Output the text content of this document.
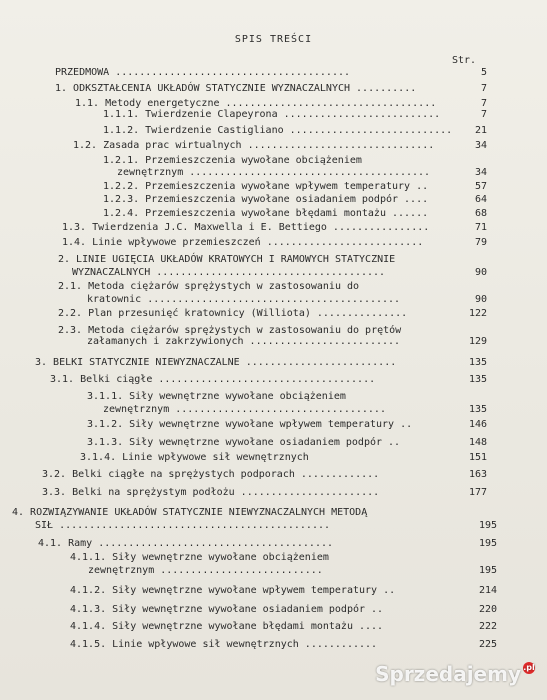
SPIS TREŚCI
Str.
PRZEDMOWA .......................................	5
1. ODKSZTAŁCENIA UKŁADÓW STATYCZNIE WYZNACZALNYCH ..........	7
1.1. Metody energetyczne ...................................	7
1.1.1. Twierdzenie Clapeyrona ..........................	7
1.1.2. Twierdzenie Castigliano ...........................	21
1.2. Zasada prac wirtualnych ...............................	34
1.2.1. Przemieszczenia wywołane obciążeniem
zewnętrznym ........................................	34
1.2.2. Przemieszczenia wywołane wpływem temperatury ..	57
1.2.3. Przemieszczenia wywołane osiadaniem podpór ....	64
1.2.4. Przemieszczenia wywołane błędami montażu ......	68
1.3. Twierdzenia J.C. Maxwella i E. Bettiego ................	71
1.4. Linie wpływowe przemieszczeń ..........................	79
2. LINIE UGIĘCIA UKŁADÓW KRATOWYCH I RAMOWYCH STATYCZNIE
WYZNACZALNYCH ......................................	90
2.1. Metoda ciężarów sprężystych w zastosowaniu do
kratownic ..........................................	90
2.2. Plan przesunięć kratownicy (Williota) ...............	122
2.3. Metoda ciężarów sprężystych w zastosowaniu do prętów
załamanych i zakrzywionych .........................	129
3. BELKI STATYCZNIE NIEWYZNACZALNE .........................	135
3.1. Belki ciągłe ....................................	135
3.1.1. Siły wewnętrzne wywołane obciążeniem
zewnętrznym ...................................	135
3.1.2. Siły wewnętrzne wywołane wpływem temperatury ..	146
3.1.3. Siły wewnętrzne wywołane osiadaniem podpór ..	148
3.1.4. Linie wpływowe sił wewnętrznych	151
3.2. Belki ciągłe na sprężystych podporach .............	163
3.3. Belki na sprężystym podłożu .......................	177
4. ROZWIĄZYWANIE UKŁADÓW STATYCZNIE NIEWYZNACZALNYCH METODĄ
SIŁ .............................................	195
4.1. Ramy .......................................	195
4.1.1. Siły wewnętrzne wywołane obciążeniem
zewnętrznym ...........................	195
4.1.2. Siły wewnętrzne wywołane wpływem temperatury ..	214
4.1.3. Siły wewnętrzne wywołane osiadaniem podpór ..	220
4.1.4. Siły wewnętrzne wywołane błędami montażu ....	222
4.1.5. Linie wpływowe sił wewnętrznych ............	225
Sprzedajemy .pl
